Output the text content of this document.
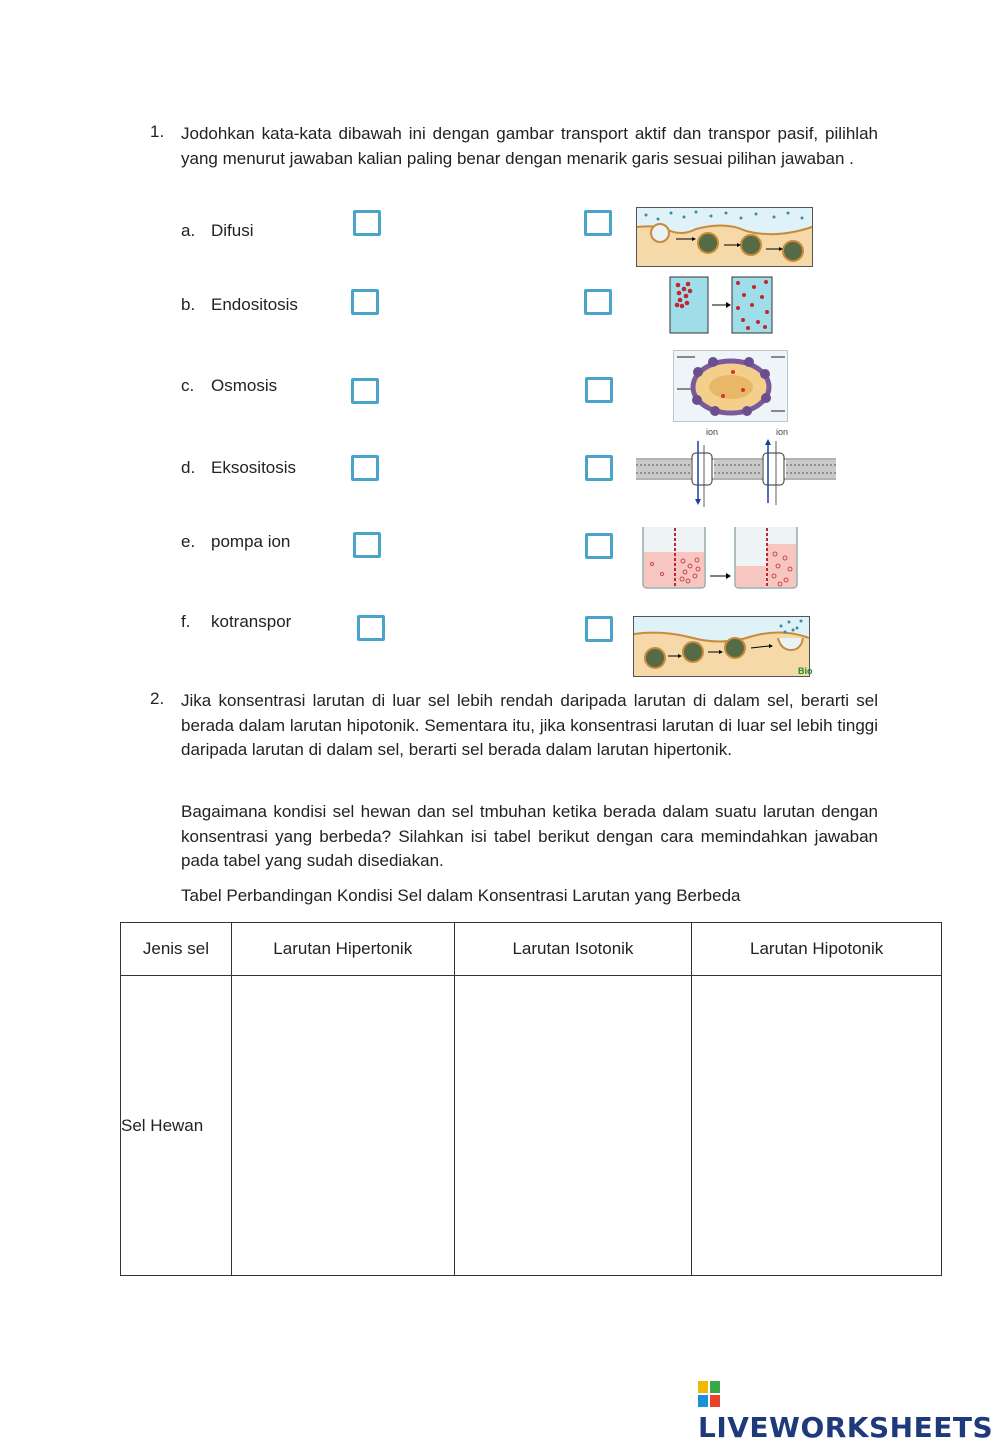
1. Jodohkan kata-kata dibawah ini dengan gambar transport aktif dan transpor pasif, pilihlah yang menurut jawaban kalian paling benar dengan menarik garis sesuai pilihan jawaban .
a. Difusi
b. Endositosis
c. Osmosis
d. Eksositosis
e. pompa ion
f. kotranspor
ion	ion
Bio
2. Jika konsentrasi larutan di luar sel lebih rendah daripada larutan di dalam sel, berarti sel berada dalam larutan hipotonik. Sementara itu, jika konsentrasi larutan di luar sel lebih tinggi daripada larutan di dalam sel, berarti sel berada dalam larutan hipertonik.
Bagaimana kondisi sel hewan dan sel tmbuhan ketika berada dalam suatu larutan dengan konsentrasi yang berbeda? Silahkan isi tabel berikut dengan cara memindahkan jawaban pada tabel yang sudah disediakan.
Tabel Perbandingan Kondisi Sel dalam Konsentrasi Larutan yang Berbeda
Jenis sel	Larutan Hipertonik	Larutan Isotonik	Larutan Hipotonik
Sel Hewan			
LIVEWORKSHEETS
